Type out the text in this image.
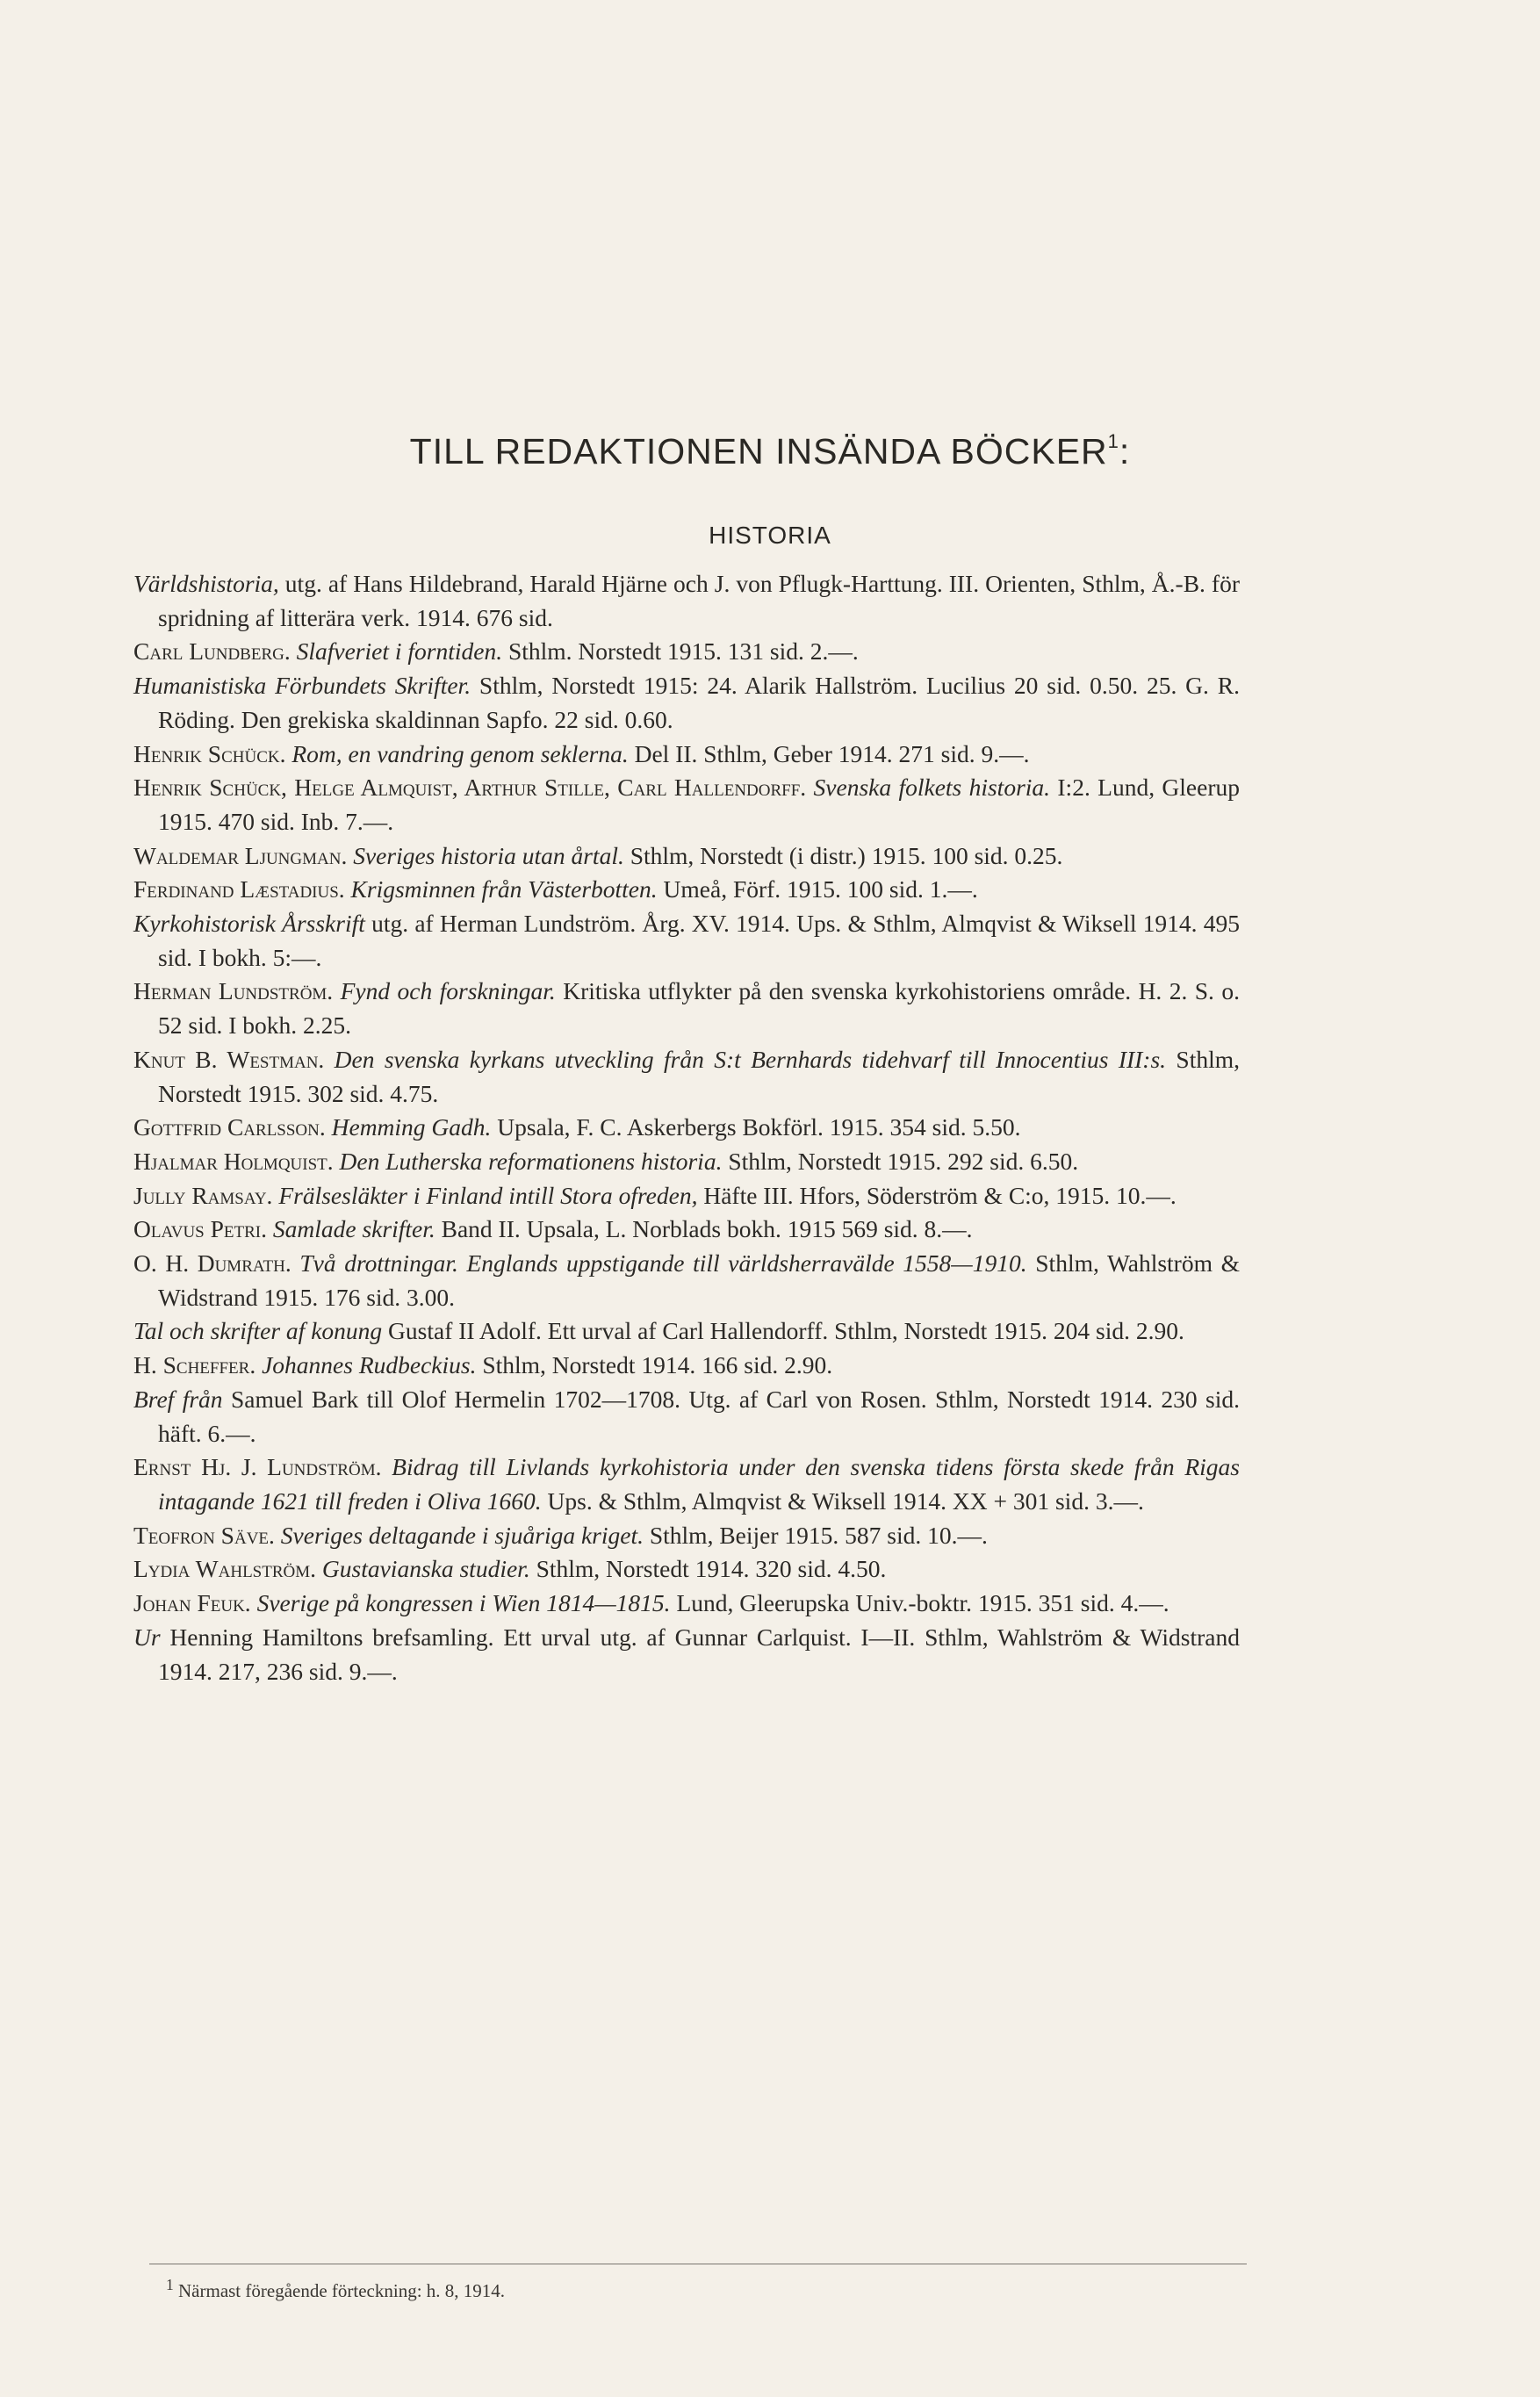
TILL REDAKTIONEN INSÄNDA BÖCKER$^1$:
HISTORIA

Världshistoria, utg. af Hans Hildebrand, Harald Hjärne och J. von Pflugk-Harttung. III. Orienten, Sthlm, Å.-B. för spridning af litterära verk. 1914. 676 sid.

Carl Lundberg. Slafveriet i forntiden. Sthlm. Norstedt 1915. 131 sid. 2.—.

Humanistiska Förbundets Skrifter. Sthlm, Norstedt 1915: 24. Alarik Hallström. Lucilius 20 sid. 0.50. 25. G. R. Röding. Den grekiska skaldinnan Sapfo. 22 sid. 0.60.

Henrik Schück. Rom, en vandring genom seklerna. Del II. Sthlm, Geber 1914. 271 sid. 9.—.

Henrik Schück, Helge Almquist, Arthur Stille, Carl Hallendorff. Svenska folkets historia. I:2. Lund, Gleerup 1915. 470 sid. Inb. 7.—.

Waldemar Ljungman. Sveriges historia utan årtal. Sthlm, Norstedt (i distr.) 1915. 100 sid. 0.25.

Ferdinand Læstadius. Krigsminnen från Västerbotten. Umeå, Förf. 1915. 100 sid. 1.—.

Kyrkohistorisk Årsskrift utg. af Herman Lundström. Årg. XV. 1914. Ups. & Sthlm, Almqvist & Wiksell 1914. 495 sid. I bokh. 5:—.

Herman Lundström. Fynd och forskningar. Kritiska utflykter på den svenska kyrkohistoriens område. H. 2. S. o. 52 sid. I bokh. 2.25.

Knut B. Westman. Den svenska kyrkans utveckling från S:t Bernhards tidehvarf till Innocentius III:s. Sthlm, Norstedt 1915. 302 sid. 4.75.

Gottfrid Carlsson. Hemming Gadh. Upsala, F. C. Askerbergs Bokförl. 1915. 354 sid. 5.50.

Hjalmar Holmquist. Den Lutherska reformationens historia. Sthlm, Norstedt 1915. 292 sid. 6.50.

Jully Ramsay. Frälsesläkter i Finland intill Stora ofreden, Häfte III. Hfors, Söderström & C:o, 1915. 10.—.

Olavus Petri. Samlade skrifter. Band II. Upsala, L. Norblads bokh. 1915 569 sid. 8.—.

O. H. Dumrath. Två drottningar. Englands uppstigande till världsherravälde 1558—1910. Sthlm, Wahlström & Widstrand 1915. 176 sid. 3.00.

Tal och skrifter af konung Gustaf II Adolf. Ett urval af Carl Hallendorff. Sthlm, Norstedt 1915. 204 sid. 2.90.

H. Scheffer. Johannes Rudbeckius. Sthlm, Norstedt 1914. 166 sid. 2.90.

Bref från Samuel Bark till Olof Hermelin 1702—1708. Utg. af Carl von Rosen. Sthlm, Norstedt 1914. 230 sid. häft. 6.—.

Ernst Hj. J. Lundström. Bidrag till Livlands kyrkohistoria under den svenska tidens första skede från Rigas intagande 1621 till freden i Oliva 1660. Ups. & Sthlm, Almqvist & Wiksell 1914. XX + 301 sid. 3.—.

Teofron Säve. Sveriges deltagande i sjuåriga kriget. Sthlm, Beijer 1915. 587 sid. 10.—.

Lydia Wahlström. Gustavianska studier. Sthlm, Norstedt 1914. 320 sid. 4.50.

Johan Feuk. Sverige på kongressen i Wien 1814—1815. Lund, Gleerupska Univ.-boktr. 1915. 351 sid. 4.—.

Ur Henning Hamiltons brefsamling. Ett urval utg. af Gunnar Carlquist. I—II. Sthlm, Wahlström & Widstrand 1914. 217, 236 sid. 9.—.

$^1$ Närmast föregående förteckning: h. 8, 1914.
